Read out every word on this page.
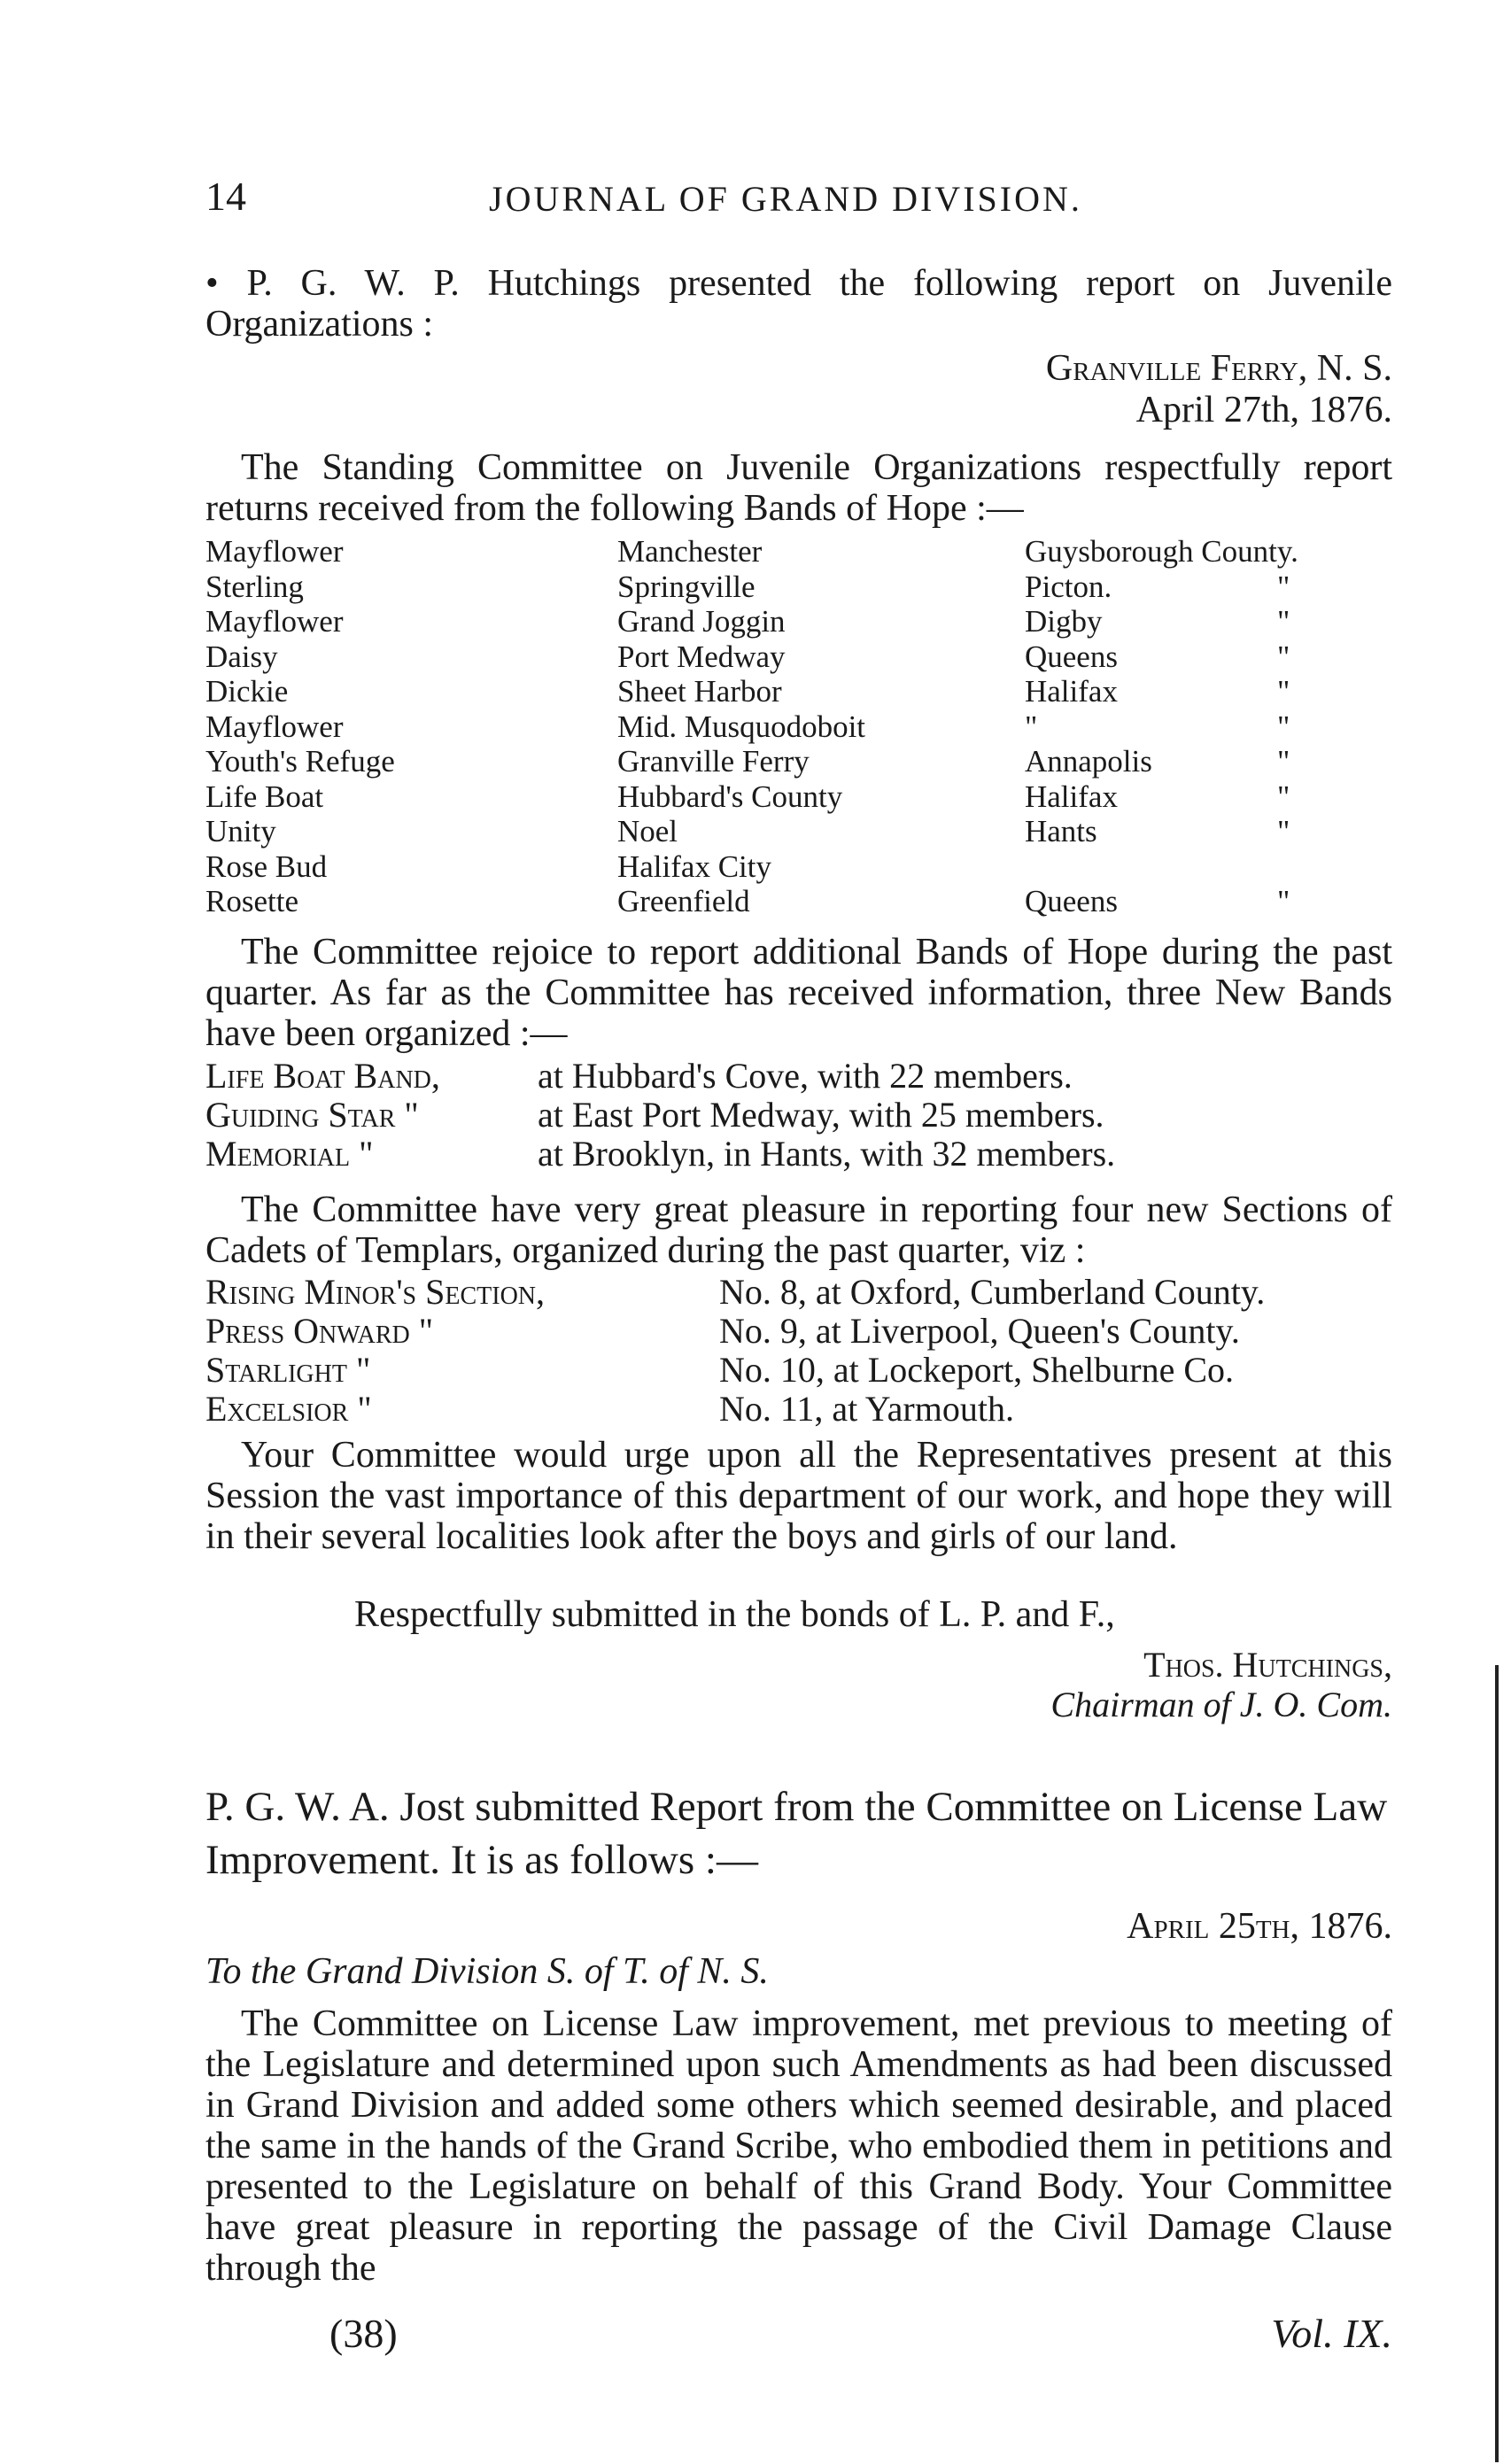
14	JOURNAL OF GRAND DIVISION.
• P. G. W. P. Hutchings presented the following report on Juvenile Organizations :
Granville Ferry, N. S.
April 27th, 1876.
The Standing Committee on Juvenile Organizations respectfully report returns received from the following Bands of Hope :—
Mayflower	Manchester	Guysborough County.
Sterling	Springville	Picton.	"
Mayflower	Grand Joggin	Digby	"
Daisy	Port Medway	Queens	"
Dickie	Sheet Harbor	Halifax	"
Mayflower	Mid. Musquodoboit	"	"
Youth's Refuge	Granville Ferry	Annapolis	"
Life Boat	Hubbard's County	Halifax	"
Unity	Noel	Hants	"
Rose Bud	Halifax City
Rosette	Greenfield	Queens	"
The Committee rejoice to report additional Bands of Hope during the past quarter. As far as the Committee has received information, three New Bands have been organized :—
Life Boat Band,	at Hubbard's Cove, with 22 members.
Guiding Star "	at East Port Medway, with 25 members.
Memorial "	at Brooklyn, in Hants, with 32 members.
The Committee have very great pleasure in reporting four new Sections of Cadets of Templars, organized during the past quarter, viz :
Rising Minor's Section,	No. 8, at Oxford, Cumberland County.
Press Onward "	No. 9, at Liverpool, Queen's County.
Starlight "	No. 10, at Lockeport, Shelburne Co.
Excelsior "	No. 11, at Yarmouth.
Your Committee would urge upon all the Representatives present at this Session the vast importance of this department of our work, and hope they will in their several localities look after the boys and girls of our land.
Respectfully submitted in the bonds of L. P. and F.,
Thos. Hutchings,
Chairman of J. O. Com.
P. G. W. A. Jost submitted Report from the Committee on License Law Improvement. It is as follows :—
April 25th, 1876.
To the Grand Division S. of T. of N. S.
The Committee on License Law improvement, met previous to meeting of the Legislature and determined upon such Amendments as had been discussed in Grand Division and added some others which seemed desirable, and placed the same in the hands of the Grand Scribe, who embodied them in petitions and presented to the Legislature on behalf of this Grand Body. Your Committee have great pleasure in reporting the passage of the Civil Damage Clause through the
(38)	Vol. IX.
